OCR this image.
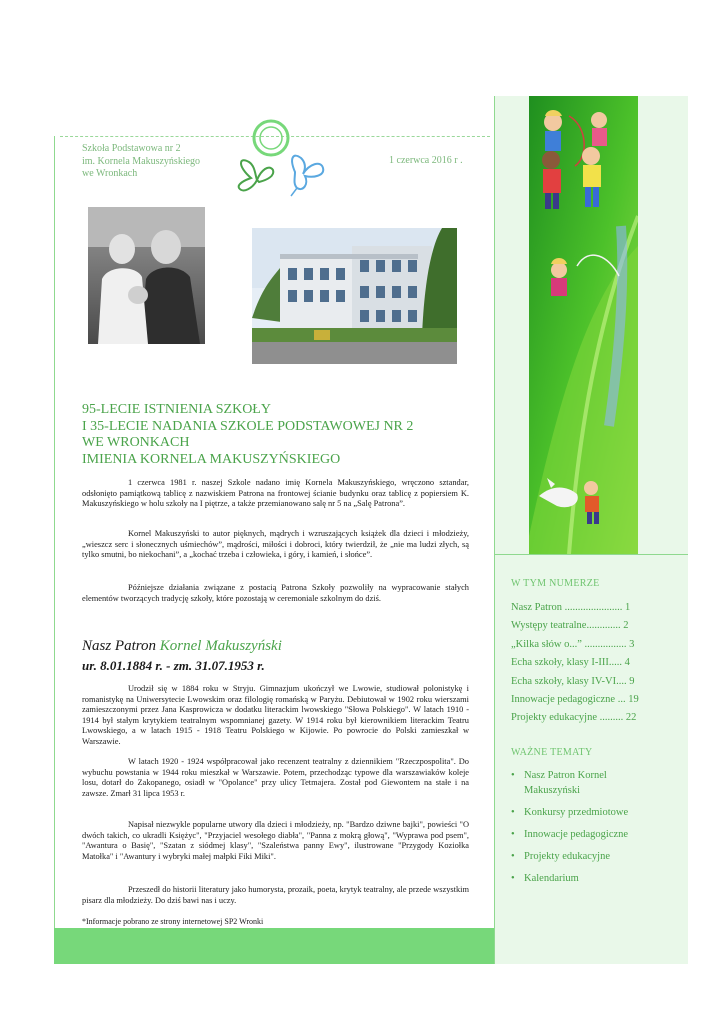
Szkoła Podstawowa nr 2
im. Kornela Makuszyńskiego
we Wronkach
1 czerwca 2016 r .
95-LECIE ISTNIENIA SZKOŁY
I 35-LECIE NADANIA SZKOLE PODSTAWOWEJ NR 2
WE WRONKACH
IMIENIA KORNELA MAKUSZYŃSKIEGO

1 czerwca 1981 r. naszej Szkole nadano imię Kornela Makuszyńskiego, wręczono sztandar, odsłonięto pamiątkową tablicę z nazwiskiem Patrona na frontowej ścianie budynku oraz tablicę z popiersiem K. Makuszyńskiego w holu szkoły na I piętrze, a także przemianowano salę nr 5 na „Salę Patrona”.

Kornel Makuszyński to autor pięknych, mądrych i wzruszających książek dla dzieci i młodzieży, „wieszcz serc i słonecznych uśmiechów”, mądrości, miłości i dobroci, który twierdził, że „nie ma ludzi złych, są tylko smutni, bo niekochani”, a „kochać trzeba i człowieka, i góry, i kamień, i słońce”.

Późniejsze działania związane z postacią Patrona Szkoły pozwoliły na wypracowanie stałych elementów tworzących tradycję szkoły, które pozostają w ceremoniale szkolnym do dziś.

Nasz Patron Kornel Makuszyński
ur. 8.01.1884 r. - zm. 31.07.1953 r.

Urodził się w 1884 roku w Stryju. Gimnazjum ukończył we Lwowie, studiował polonistykę i romanistykę na Uniwersytecie Lwowskim oraz filologię romańską w Paryżu. Debiutował w 1902 roku wierszami zamieszczonymi przez Jana Kasprowicza w dodatku literackim lwowskiego "Słowa Polskiego". W latach 1910 - 1914 był stałym krytykiem teatralnym wspomnianej gazety. W 1914 roku był kierownikiem literackim Teatru Lwowskiego, a w latach 1915 - 1918 Teatru Polskiego w Kijowie. Po powrocie do Polski zamieszkał w Warszawie.

W latach 1920 - 1924 współpracował jako recenzent teatralny z dziennikiem "Rzeczpospolita". Do wybuchu powstania w 1944 roku mieszkał w Warszawie. Potem, przechodząc typowe dla warszawiaków koleje losu, dotarł do Zakopanego, osiadł w "Opolance" przy ulicy Tetmajera. Został pod Giewontem na stałe i na zawsze. Zmarł 31 lipca 1953 r.

Napisał niezwykle popularne utwory dla dzieci i młodzieży, np. "Bardzo dziwne bajki", powieści "O dwóch takich, co ukradli Księżyc", "Przyjaciel wesołego diabła", "Panna z mokrą głową", "Wyprawa pod psem", "Awantura o Basię", "Szatan z siódmej klasy", "Szaleństwa panny Ewy", ilustrowane "Przygody Koziołka Matołka" i "Awantury i wybryki małej małpki Fiki Miki".

Przeszedł do historii literatury jako humorysta, prozaik, poeta, krytyk teatralny, ale przede wszystkim pisarz dla młodzieży. Do dziś bawi nas i uczy.

*Informacje pobrano ze strony internetowej SP2 Wronki
W TYM NUMERZE
Nasz Patron ...................... 1
Występy teatralne............. 2
„Kilka słów o...” ................ 3
Echa szkoły, klasy I-III..... 4
Echa szkoły, klasy IV-VI.... 9
Innowacje pedagogiczne ... 19
Projekty edukacyjne ......... 22
WAŻNE TEMATY
• Nasz Patron Kornel Makuszyński
• Konkursy przedmiotowe
• Innowacje pedagogiczne
• Projekty edukacyjne
• Kalendarium
